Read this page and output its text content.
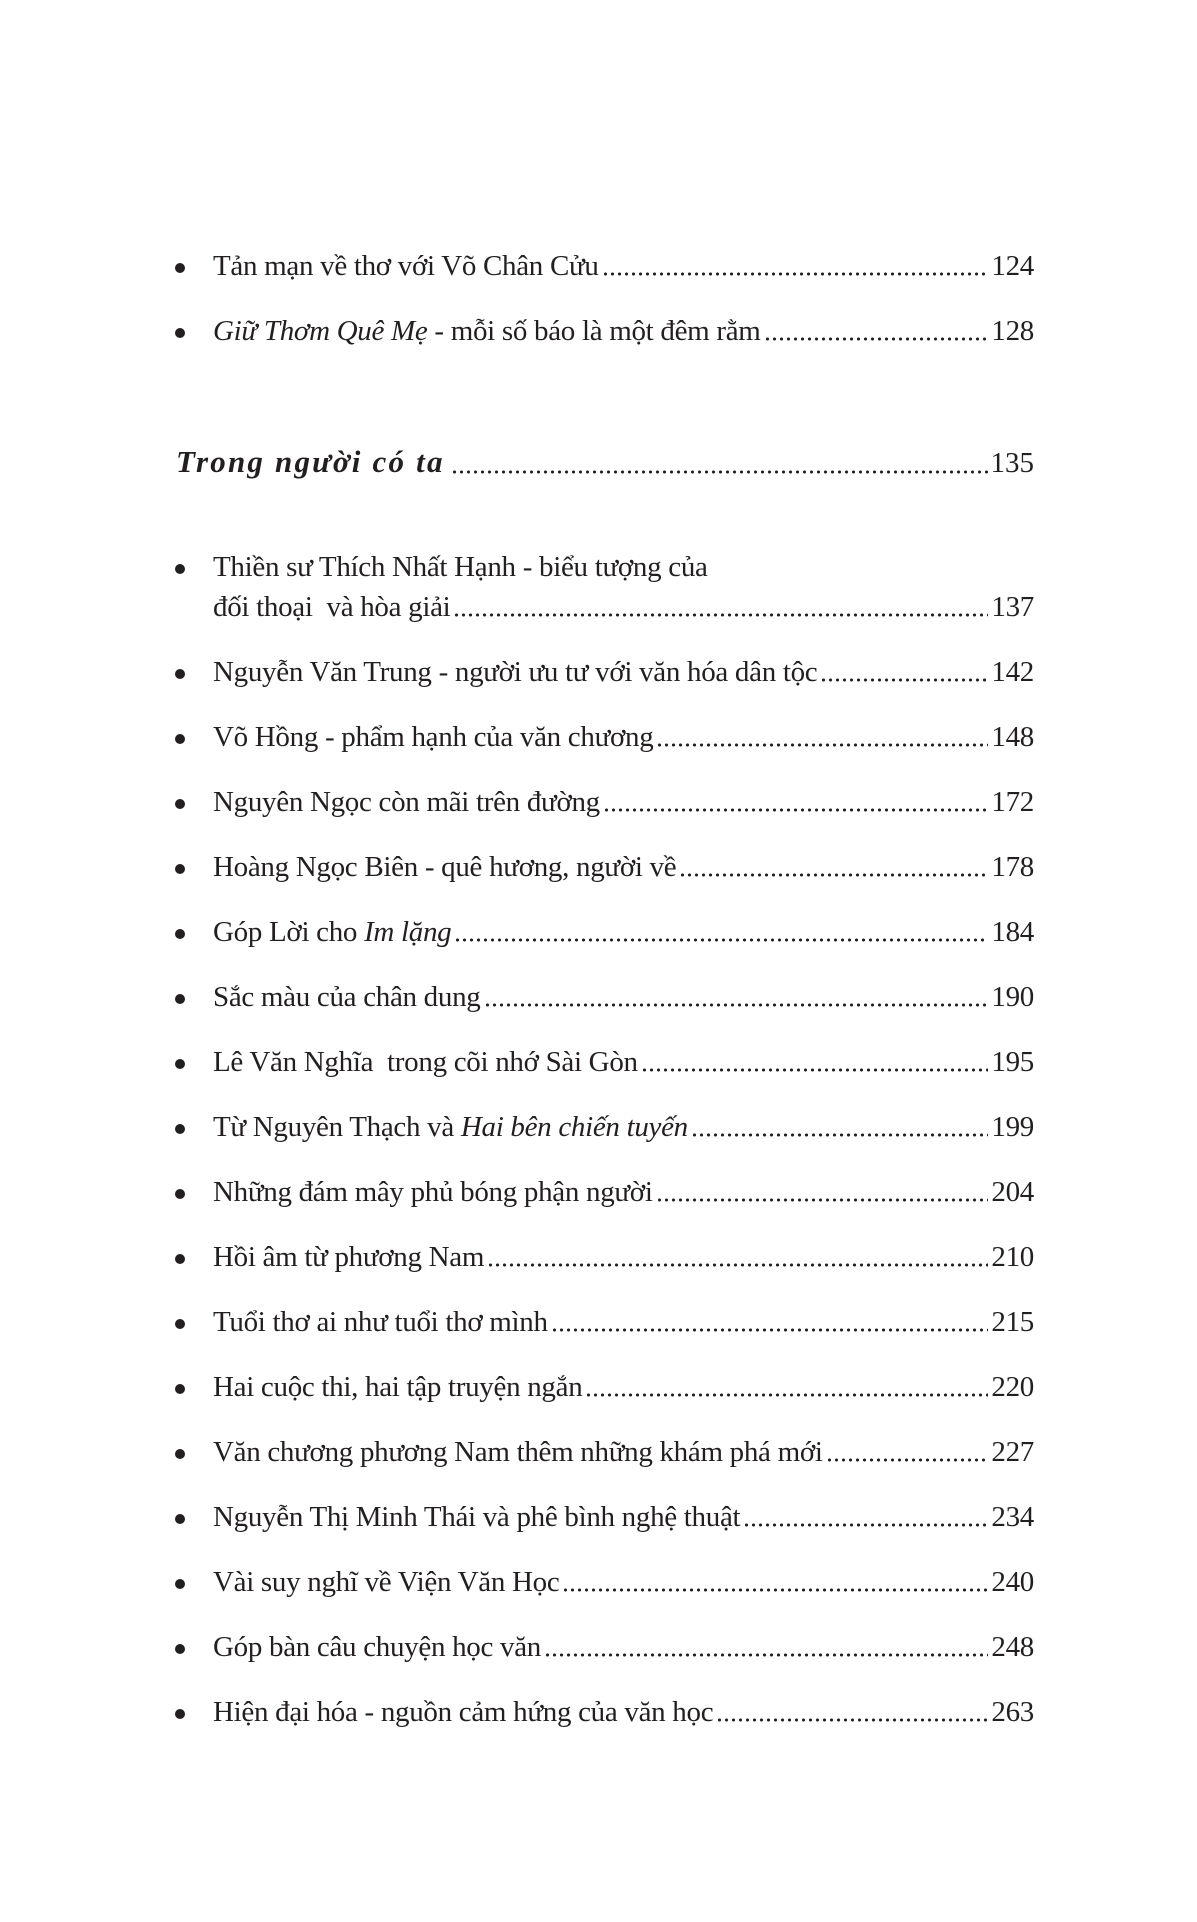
Tản mạn về thơ với Võ Chân Cửu	124
Giữ Thơm Quê Mẹ - mỗi số báo là một đêm rằm	128
Trong người có ta	135
Thiền sư Thích Nhất Hạnh - biểu tượng của
đối thoại  và hòa giải	137
Nguyễn Văn Trung - người ưu tư với văn hóa dân tộc	142
Võ Hồng - phẩm hạnh của văn chương	148
Nguyên Ngọc còn mãi trên đường	172
Hoàng Ngọc Biên - quê hương, người về	178
Góp Lời cho Im lặng	184
Sắc màu của chân dung	190
Lê Văn Nghĩa  trong cõi nhớ Sài Gòn	195
Từ Nguyên Thạch và Hai bên chiến tuyến	199
Những đám mây phủ bóng phận người	204
Hồi âm từ phương Nam	210
Tuổi thơ ai như tuổi thơ mình	215
Hai cuộc thi, hai tập truyện ngắn	220
Văn chương phương Nam thêm những khám phá mới	227
Nguyễn Thị Minh Thái và phê bình nghệ thuật	234
Vài suy nghĩ về Viện Văn Học	240
Góp bàn câu chuyện học văn	248
Hiện đại hóa - nguồn cảm hứng của văn học	263
